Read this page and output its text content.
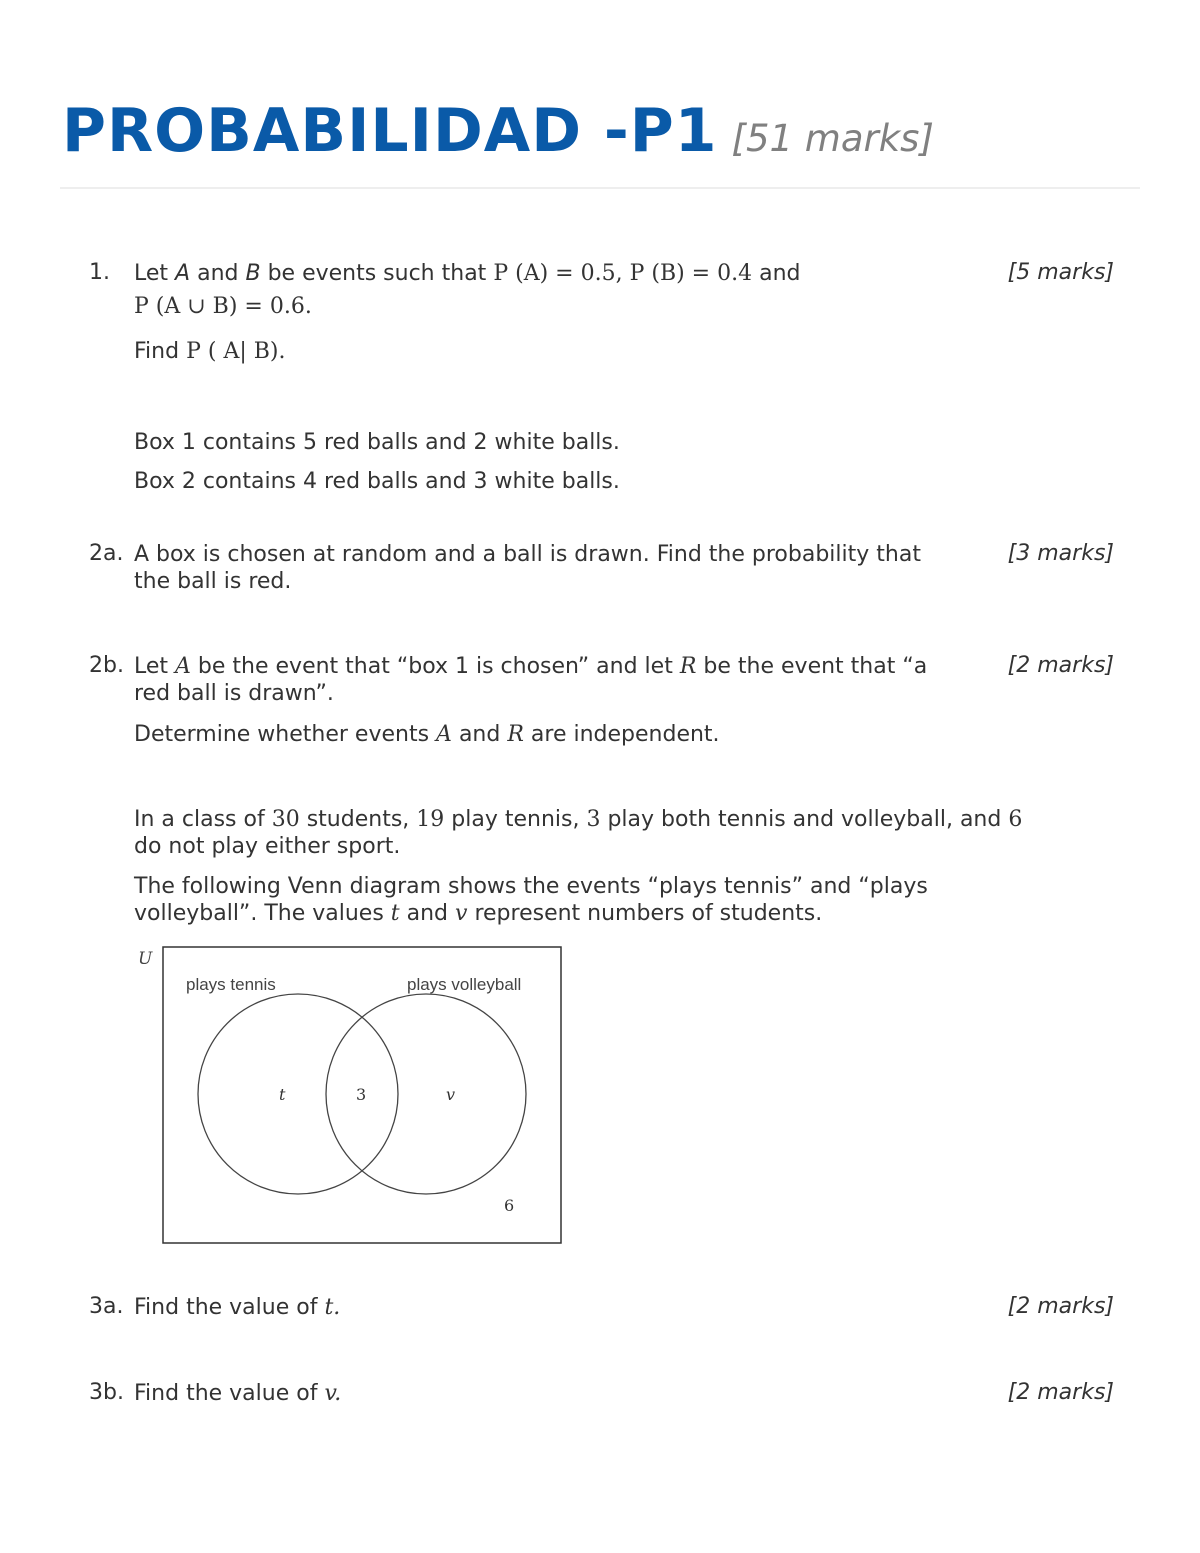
PROBABILIDAD -P1 [51 marks]
1.	[5 marks]
Let A and B be events such that P (A) = 0.5, P (B) = 0.4 and
P (A ∪ B) = 0.6.
Find P ( A| B).
Box 1 contains 5 red balls and 2 white balls.
Box 2 contains 4 red balls and 3 white balls.
2a.	[3 marks]
A box is chosen at random and a ball is drawn. Find the probability that
the ball is red.
2b.	[2 marks]
Let A be the event that “box 1 is chosen” and let R be the event that “a
red ball is drawn”.
Determine whether events A and R are independent.
In a class of 30 students, 19 play tennis, 3 play both tennis and volleyball, and 6
do not play either sport.
The following Venn diagram shows the events “plays tennis” and “plays
volleyball”. The values t and v represent numbers of students.
U
plays tennis	plays volleyball
t	3	v
6
3a.	[2 marks]
Find the value of t.
3b.	[2 marks]
Find the value of v.
